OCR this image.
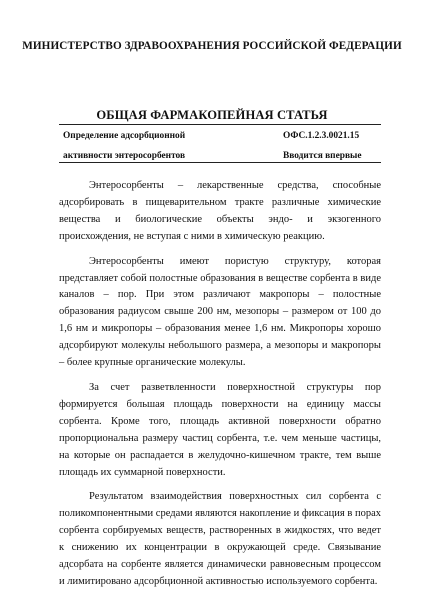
МИНИСТЕРСТВО ЗДРАВООХРАНЕНИЯ РОССИЙСКОЙ ФЕДЕРАЦИИ
ОБЩАЯ ФАРМАКОПЕЙНАЯ СТАТЬЯ
Определение адсорбционной
активности энтеросорбентов
ОФС.1.2.3.0021.15
Вводится впервые

Энтеросорбенты – лекарственные средства, способные адсорбировать в пищеварительном тракте различные химические вещества и биологические объекты эндо- и экзогенного происхождения, не вступая с ними в химическую реакцию.

Энтеросорбенты имеют пористую структуру, которая представляет собой полостные образования в веществе сорбента в виде каналов – пор. При этом различают макропоры – полостные образования радиусом свыше 200 нм, мезопоры – размером от 100 до 1,6 нм и микропоры – образования менее 1,6 нм. Микропоры хорошо адсорбируют молекулы небольшого размера, а мезопоры и макропоры – более крупные органические молекулы.

За счет разветвленности поверхностной структуры пор формируется большая площадь поверхности на единицу массы сорбента. Кроме того, площадь активной поверхности обратно пропорциональна размеру частиц сорбента, т.е. чем меньше частицы, на которые он распадается в желудочно-кишечном тракте, тем выше площадь их суммарной поверхности.

Результатом взаимодействия поверхностных сил сорбента с поликомпонентными средами являются накопление и фиксация в порах сорбента сорбируемых веществ, растворенных в жидкостях, что ведет к снижению их концентрации в окружающей среде. Связывание адсорбата на сорбенте является динамически равновесным процессом и лимитировано адсорбционной активностью используемого сорбента.
